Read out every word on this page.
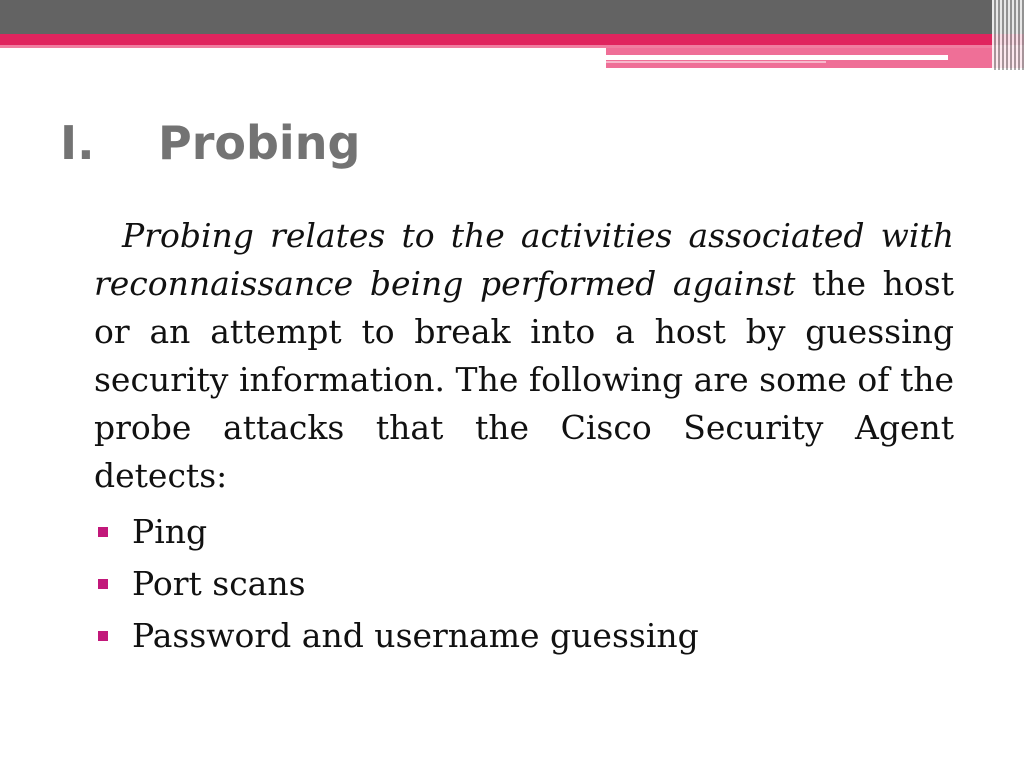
I.	Probing

Probing relates to the activities associated with reconnaissance being performed against the host or an attempt to break into a host by guessing security information. The following are some of the probe attacks that the Cisco Security Agent detects:

Ping
Port scans
Password and username guessing
